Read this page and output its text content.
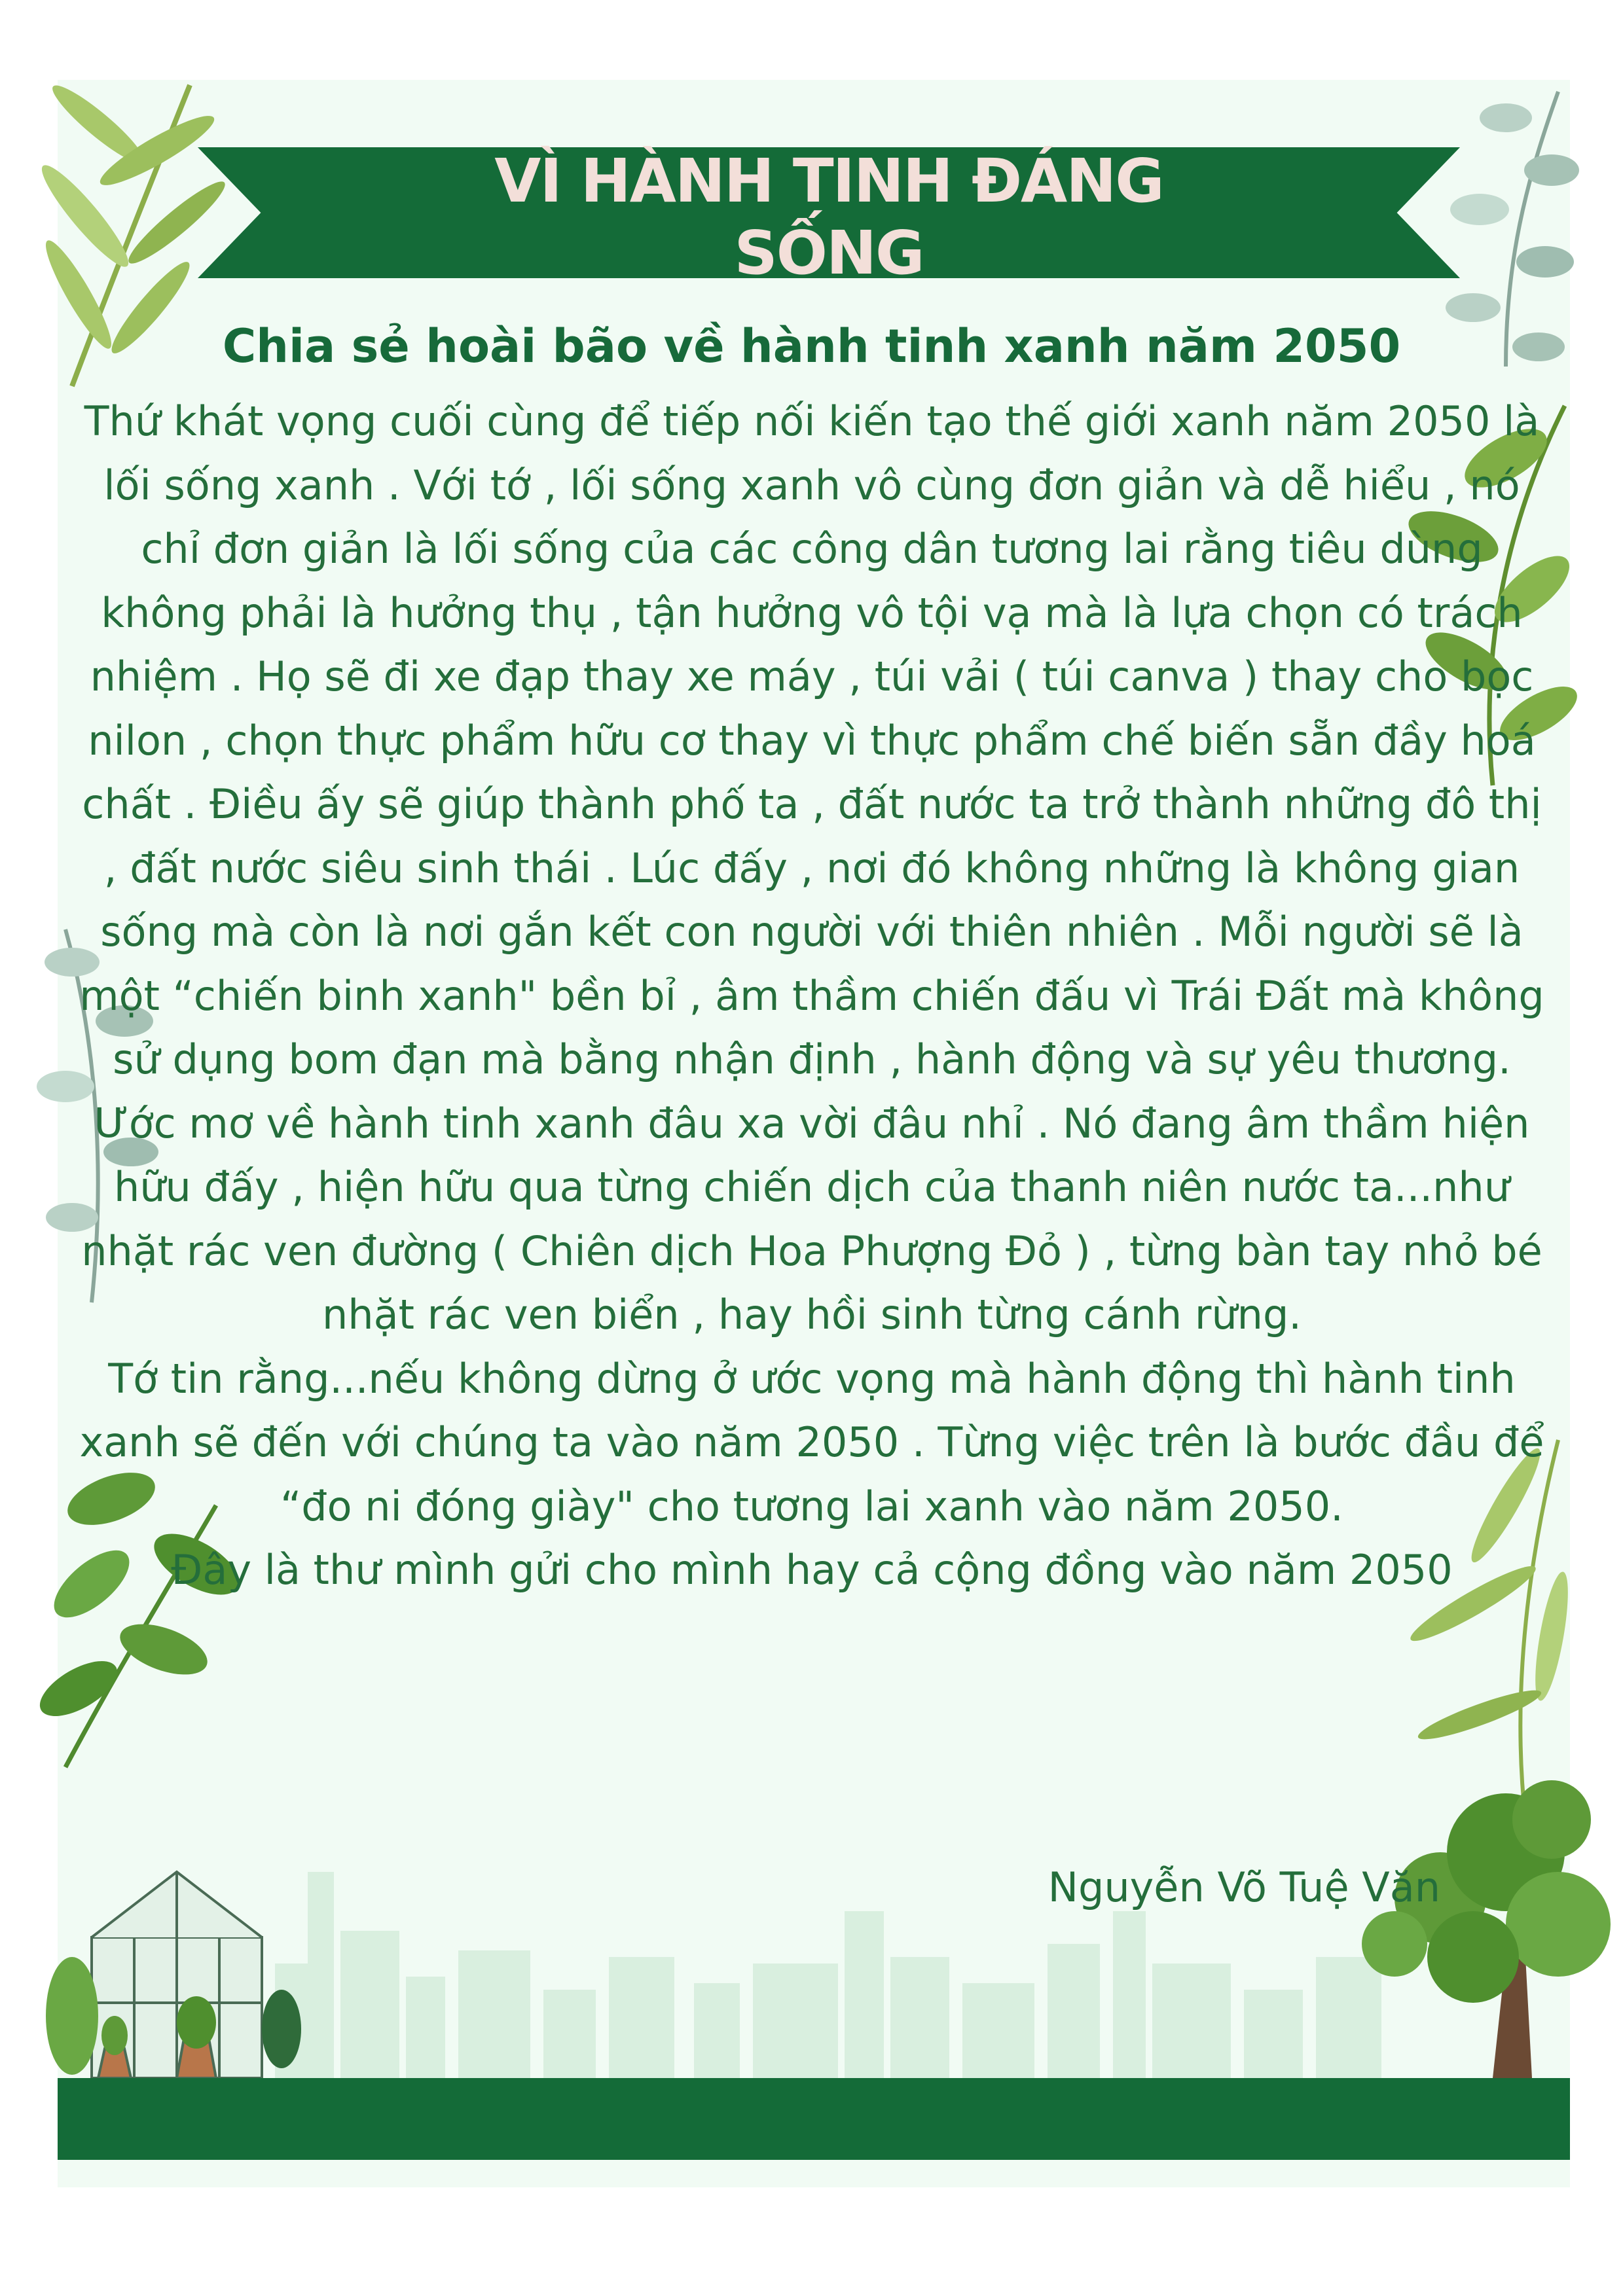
VÌ HÀNH TINH ĐÁNG
SỐNG
Chia sẻ hoài bão về hành tinh xanh năm 2050

Thứ khát vọng cuối cùng để tiếp nối kiến tạo thế giới xanh năm 2050 là lối sống xanh . Với tớ , lối sống xanh vô cùng đơn giản và dễ hiểu , nó chỉ đơn giản là lối sống của các công dân tương lai rằng tiêu dùng không phải là hưởng thụ , tận hưởng vô tội vạ mà là lựa chọn có trách nhiệm . Họ sẽ đi xe đạp thay xe máy , túi vải ( túi canva ) thay cho bọc nilon , chọn thực phẩm hữu cơ thay vì thực phẩm chế biến sẵn đầy hoá chất . Điều ấy sẽ giúp thành phố ta , đất nước ta trở thành những đô thị , đất nước siêu sinh thái . Lúc đấy , nơi đó không những là không gian sống mà còn là nơi gắn kết con người với thiên nhiên . Mỗi người sẽ là một “chiến binh xanh" bền bỉ , âm thầm chiến đấu vì Trái Đất mà không sử dụng bom đạn mà bằng nhận định , hành động và sự yêu thương.

Ước mơ về hành tinh xanh đâu xa vời đâu nhỉ . Nó đang âm thầm hiện hữu đấy , hiện hữu qua từng chiến dịch của thanh niên nước ta...như nhặt rác ven đường ( Chiên dịch Hoa Phượng Đỏ ) , từng bàn tay nhỏ bé nhặt rác ven biển , hay hồi sinh từng cánh rừng.

Tớ tin rằng...nếu không dừng ở ước vọng mà hành động thì hành tinh xanh sẽ đến với chúng ta vào năm 2050 . Từng việc trên là bước đầu để “đo ni đóng giày" cho tương lai xanh vào năm 2050.

Đây là thư mình gửi cho mình hay cả cộng đồng vào năm 2050

Nguyễn Võ Tuệ Văn
